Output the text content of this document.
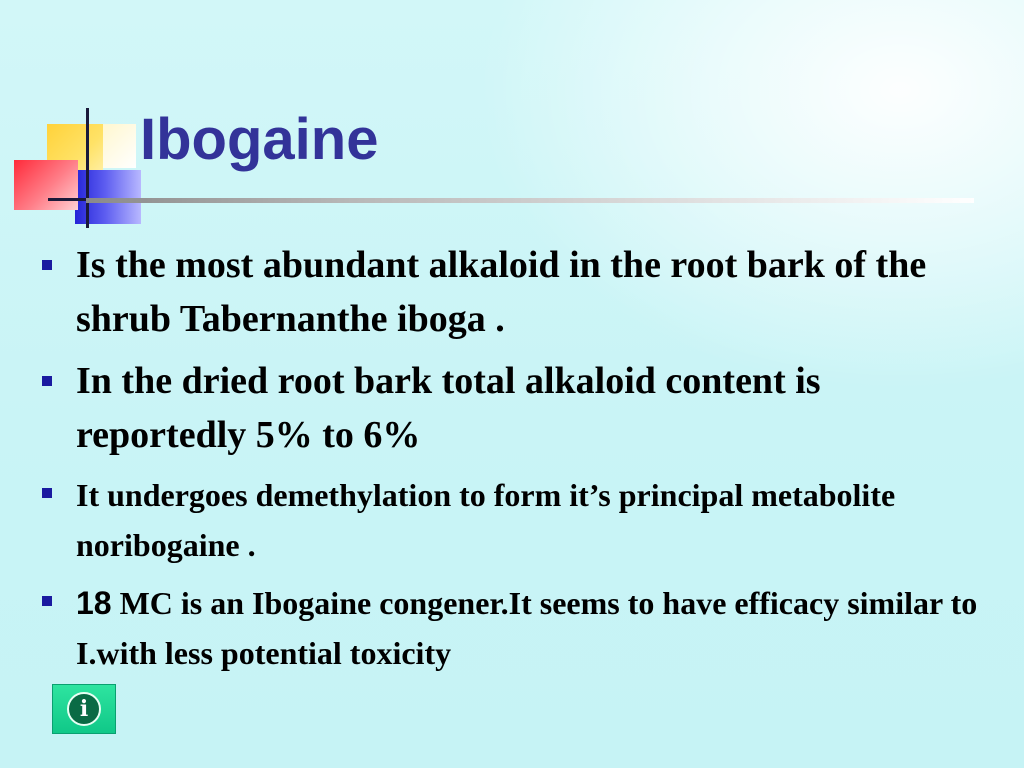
Ibogaine
Is the most abundant alkaloid in the root bark of the shrub Tabernanthe iboga .
In the dried root bark total alkaloid content is reportedly 5% to 6%
It undergoes demethylation to form it’s principal metabolite noribogaine .
18 MC is an Ibogaine congener.It seems to have efficacy similar to I.with less potential toxicity
i
